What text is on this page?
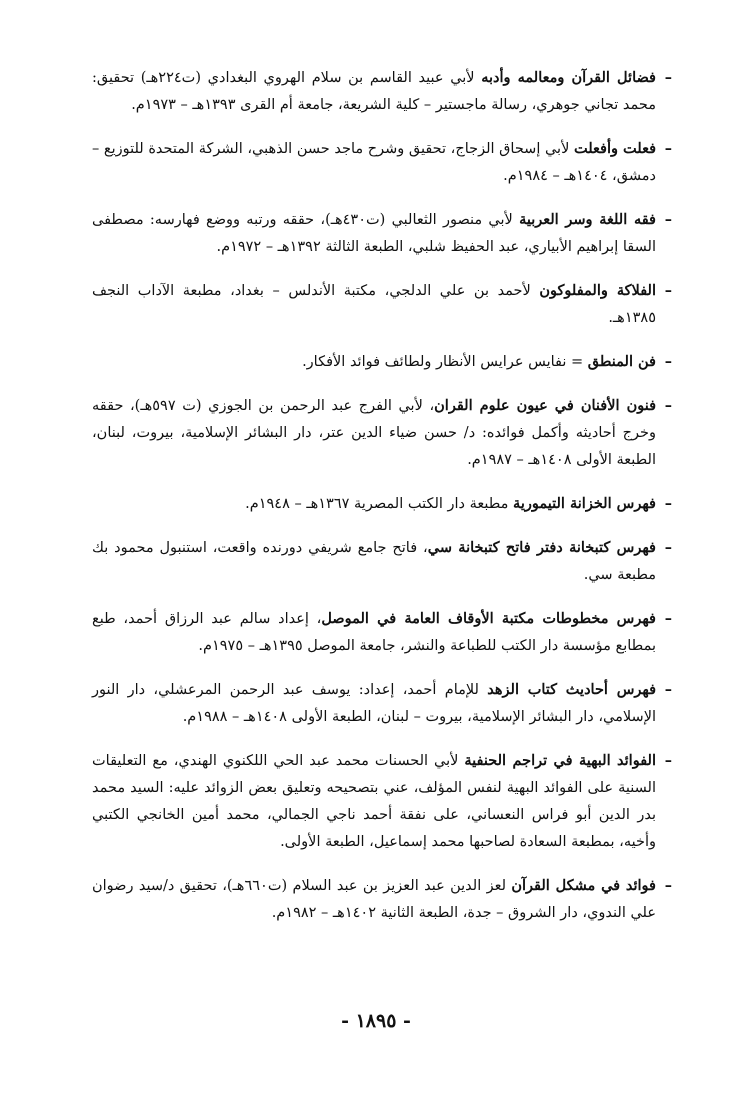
–
فضائل القرآن ومعالمه وأدبه لأبي عبيد القاسم بن سلام الهروي البغدادي (ت٢٢٤هـ) تحقيق: محمد تجاني جوهري، رسالة ماجستير – كلية الشريعة، جامعة أم القرى ١٣٩٣هـ – ١٩٧٣م.
–
فعلت وأفعلت لأبي إسحاق الزجاج، تحقيق وشرح ماجد حسن الذهبي، الشركة المتحدة للتوزيع – دمشق، ١٤٠٤هـ – ١٩٨٤م.
–
فقه اللغة وسر العربية لأبي منصور الثعالبي (ت٤٣٠هـ)، حققه ورتبه ووضع فهارسه: مصطفى السقا إبراهيم الأبياري، عبد الحفيظ شلبي، الطبعة الثالثة ١٣٩٢هـ – ١٩٧٢م.
–
الفلاكة والمفلوكون لأحمد بن علي الدلجي، مكتبة الأندلس – بغداد، مطبعة الآداب النجف ١٣٨٥هـ.
–
فن المنطق = نفايس عرايس الأنظار ولطائف فوائد الأفكار.
–
فنون الأفنان في عيون علوم القران، لأبي الفرج عبد الرحمن بن الجوزي (ت ٥٩٧هـ)، حققه وخرج أحاديثه وأكمل فوائده: د/ حسن ضياء الدين عتر، دار البشائر الإسلامية، بيروت، لبنان، الطبعة الأولى ١٤٠٨هـ – ١٩٨٧م.
–
فهرس الخزانة التيمورية مطبعة دار الكتب المصرية ١٣٦٧هـ – ١٩٤٨م.
–
فهرس كتبخانة دفتر فاتح كتبخانة سي، فاتح جامع شريفي دورنده واقعت، استنبول محمود بك مطبعة سي.
–
فهرس مخطوطات مكتبة الأوقاف العامة في الموصل، إعداد سالم عبد الرزاق أحمد، طبع بمطابع مؤسسة دار الكتب للطباعة والنشر، جامعة الموصل ١٣٩٥هـ – ١٩٧٥م.
–
فهرس أحاديث كتاب الزهد للإمام أحمد، إعداد: يوسف عبد الرحمن المرعشلي، دار النور الإسلامي، دار البشائر الإسلامية، بيروت – لبنان، الطبعة الأولى ١٤٠٨هـ – ١٩٨٨م.
–
الفوائد البهية في تراجم الحنفية لأبي الحسنات محمد عبد الحي اللكنوي الهندي، مع التعليقات السنية على الفوائد البهية لنفس المؤلف، عني بتصحيحه وتعليق بعض الزوائد عليه: السيد محمد بدر الدين أبو فراس النعساني، على نفقة أحمد ناجي الجمالي، محمد أمين الخانجي الكتبي وأخيه، بمطبعة السعادة لصاحبها محمد إسماعيل، الطبعة الأولى.
–
فوائد في مشكل القرآن لعز الدين عبد العزيز بن عبد السلام (ت٦٦٠هـ)، تحقيق د/سيد رضوان علي الندوي، دار الشروق – جدة، الطبعة الثانية ١٤٠٢هـ – ١٩٨٢م.
- ١٨٩٥ -
